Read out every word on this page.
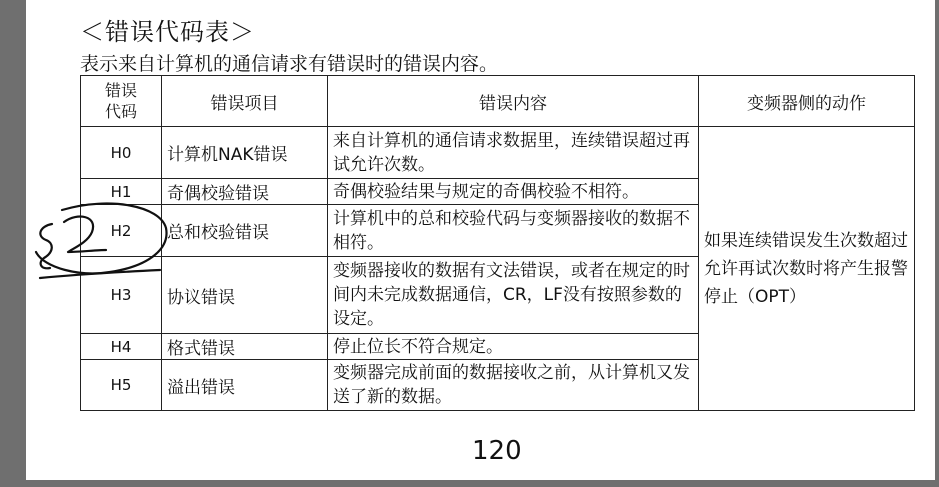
＜错误代码表＞
表示来自计算机的通信请求有错误时的错误内容。
错误
代码	错误项目	错误内容	变频器侧的动作
H0	计算机NAK错误	来自计算机的通信请求数据里，连续错误超过再试允许次数。	如果连续错误发生次数超过允许再试次数时将产生报警停止（OPT）
H1	奇偶校验错误	奇偶校验结果与规定的奇偶校验不相符。	
H2	总和校验错误	计算机中的总和校验代码与变频器接收的数据不相符。	
H3	协议错误	变频器接收的数据有文法错误，或者在规定的时间内未完成数据通信，CR，LF没有按照参数的设定。	
H4	格式错误	停止位长不符合规定。	
H5	溢出错误	变频器完成前面的数据接收之前，从计算机又发送了新的数据。	
120
